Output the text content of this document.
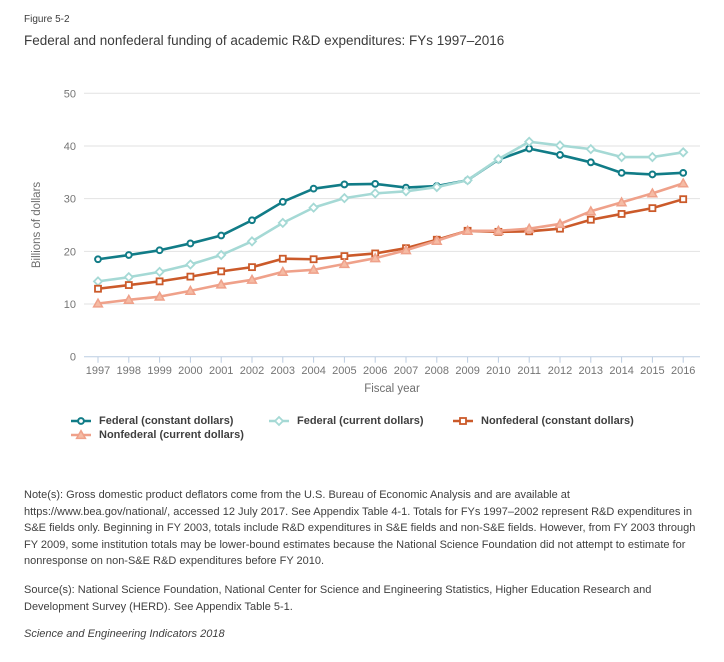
Figure 5-2
Federal and nonfederal funding of academic R&D expenditures: FYs 1997–2016
0
10
20
30
40
50
1997 1998 1999 2000 2001 2002 2003 2004 2005 2006 2007 2008 2009 2010 2011 2012 2013 2014 2015 2016
Fiscal year
Billions of dollars
Federal (constant dollars)	Federal (current dollars)	Nonfederal (constant dollars)
Nonfederal (current dollars)

Note(s): Gross domestic product deflators come from the U.S. Bureau of Economic Analysis and are available at https://www.bea.gov/national/, accessed 12 July 2017. See Appendix Table 4-1. Totals for FYs 1997–2002 represent R&D expenditures in S&E fields only. Beginning in FY 2003, totals include R&D expenditures in S&E fields and non-S&E fields. However, from FY 2003 through FY 2009, some institution totals may be lower-bound estimates because the National Science Foundation did not attempt to estimate for nonresponse on non-S&E R&D expenditures before FY 2010.

Source(s): National Science Foundation, National Center for Science and Engineering Statistics, Higher Education Research and Development Survey (HERD). See Appendix Table 5-1.

Science and Engineering Indicators 2018
